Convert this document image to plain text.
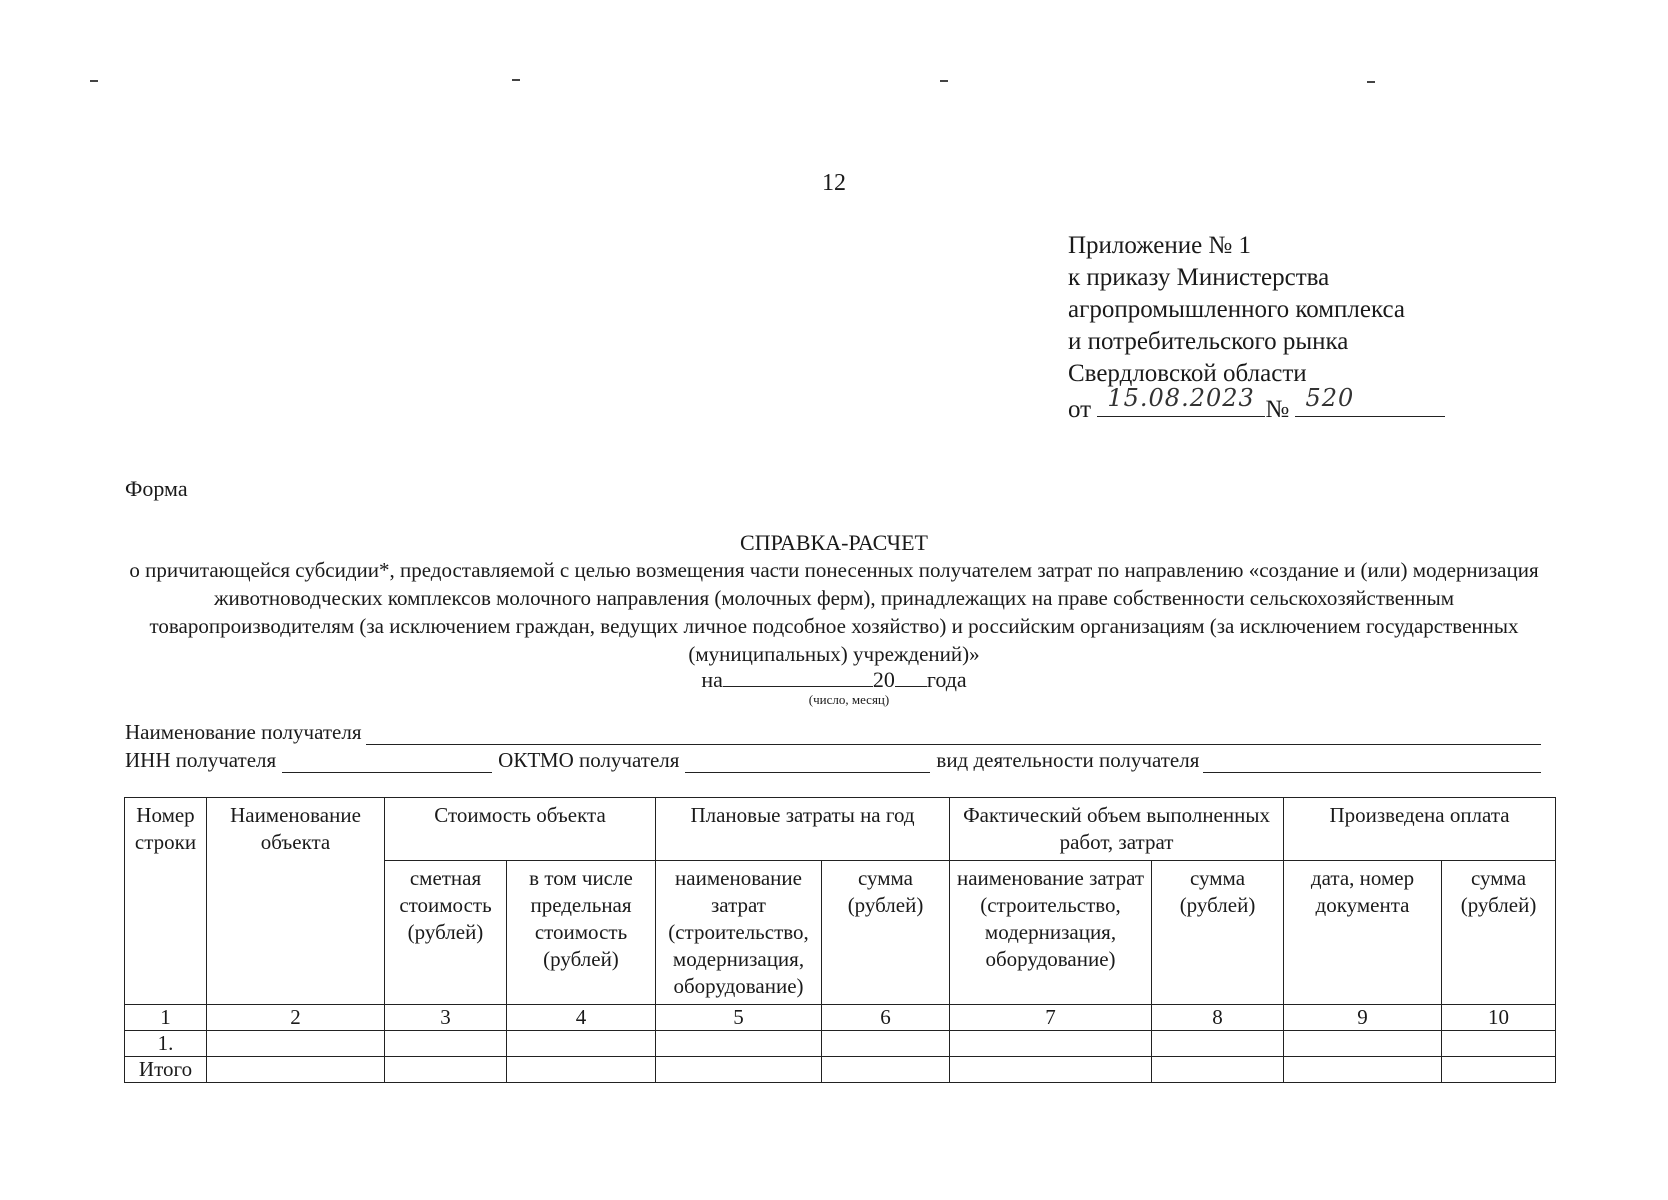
12
Приложение № 1
к приказу Министерства
агропромышленного комплекса
и потребительского рынка
Свердловской области
от 15.08.2023 № 520
Форма
СПРАВКА-РАСЧЕТ
о причитающейся субсидии*, предоставляемой с целью возмещения части понесенных получателем затрат по направлению «создание и (или) модернизация животноводческих комплексов молочного направления (молочных ферм), принадлежащих на праве собственности сельскохозяйственным товаропроизводителям (за исключением граждан, ведущих личное подсобное хозяйство) и российским организациям (за исключением государственных (муниципальных) учреждений)»
на	20 года
(число, месяц)
Наименование получателя
ИНН получателя	ОКТМО получателя	вид деятельности получателя
Номер строки	Наименование объекта	Стоимость объекта		Плановые затраты на год		Фактический объем выполненных работ, затрат		Произведена оплата	
		сметная стоимость (рублей)	в том числе предельная стоимость (рублей)	наименование затрат (строительство, модернизация, оборудование)	сумма (рублей)	наименование затрат (строительство, модернизация, оборудование)	сумма (рублей)	дата, номер документа	сумма (рублей)
1	2	3	4	5	6	7	8	9	10
1.									
Итого									
